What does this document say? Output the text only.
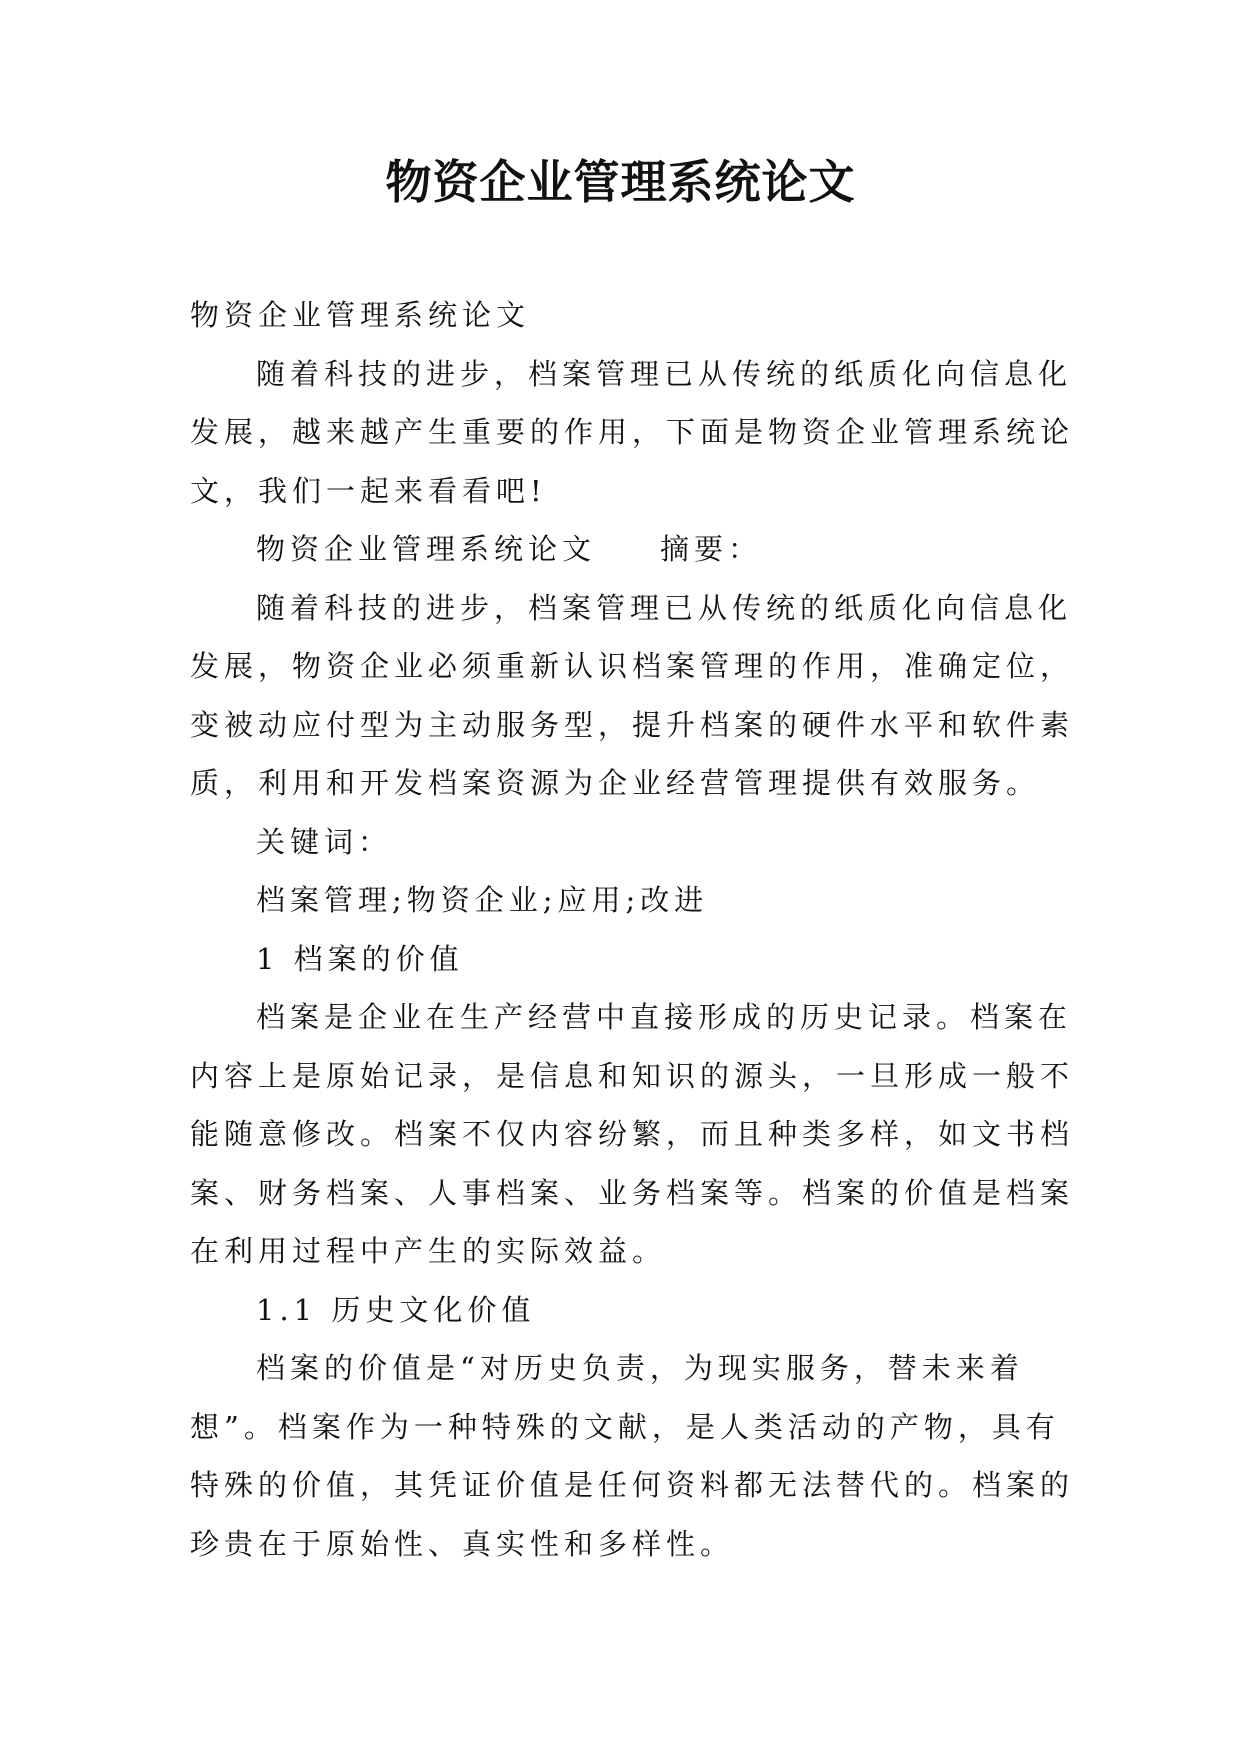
物资企业管理系统论文

物资企业管理系统论文

随着科技的进步，档案管理已从传统的纸质化向信息化

发展，越来越产生重要的作用，下面是物资企业管理系统论

文，我们一起来看看吧!

物资企业管理系统论文 摘要：

随着科技的进步，档案管理已从传统的纸质化向信息化

发展，物资企业必须重新认识档案管理的作用，准确定位，

变被动应付型为主动服务型，提升档案的硬件水平和软件素

质，利用和开发档案资源为企业经营管理提供有效服务。

关键词：

档案管理;物资企业;应用;改进

1 档案的价值

档案是企业在生产经营中直接形成的历史记录。档案在

内容上是原始记录，是信息和知识的源头，一旦形成一般不

能随意修改。档案不仅内容纷繁，而且种类多样，如文书档

案、财务档案、人事档案、业务档案等。档案的价值是档案

在利用过程中产生的实际效益。

1.1 历史文化价值

档案的价值是“对历史负责，为现实服务，替未来着

想”。档案作为一种特殊的文献，是人类活动的产物，具有

特殊的价值，其凭证价值是任何资料都无法替代的。档案的

珍贵在于原始性、真实性和多样性。
